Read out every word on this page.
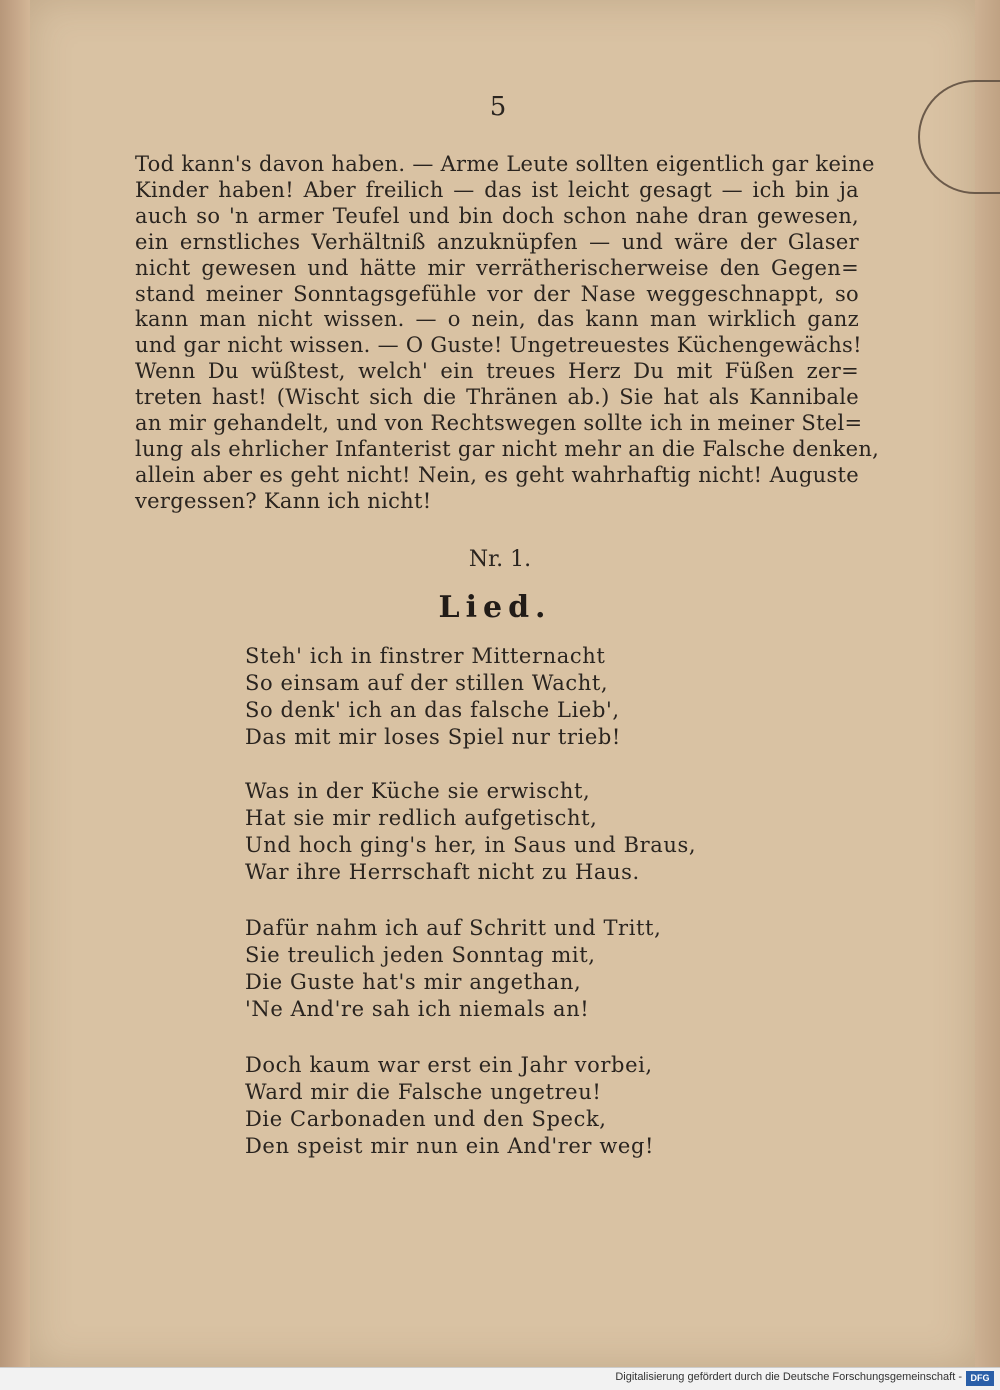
5
Tod kann's davon haben. — Arme Leute sollten eigentlich gar keine
Kinder haben! Aber freilich — das ist leicht gesagt — ich bin ja
auch so 'n armer Teufel und bin doch schon nahe dran gewesen,
ein ernstliches Verhältniß anzuknüpfen — und wäre der Glaser
nicht gewesen und hätte mir verrätherischerweise den Gegen=
stand meiner Sonntagsgefühle vor der Nase weggeschnappt, so
kann man nicht wissen. — o nein, das kann man wirklich ganz
und gar nicht wissen. — O Guste! Ungetreuestes Küchengewächs!
Wenn Du wüßtest, welch' ein treues Herz Du mit Füßen zer=
treten hast! (Wischt sich die Thränen ab.) Sie hat als Kannibale
an mir gehandelt, und von Rechtswegen sollte ich in meiner Stel=
lung als ehrlicher Infanterist gar nicht mehr an die Falsche denken,
allein aber es geht nicht! Nein, es geht wahrhaftig nicht! Auguste
vergessen? Kann ich nicht!
Nr. 1.
Lied.
Steh' ich in finstrer Mitternacht
So einsam auf der stillen Wacht,
So denk' ich an das falsche Lieb',
Das mit mir loses Spiel nur trieb!
Was in der Küche sie erwischt,
Hat sie mir redlich aufgetischt,
Und hoch ging's her, in Saus und Braus,
War ihre Herrschaft nicht zu Haus.
Dafür nahm ich auf Schritt und Tritt,
Sie treulich jeden Sonntag mit,
Die Guste hat's mir angethan,
'Ne And're sah ich niemals an!
Doch kaum war erst ein Jahr vorbei,
Ward mir die Falsche ungetreu!
Die Carbonaden und den Speck,
Den speist mir nun ein And'rer weg!
Digitalisierung gefördert durch die Deutsche Forschungsgemeinschaft - DFG
